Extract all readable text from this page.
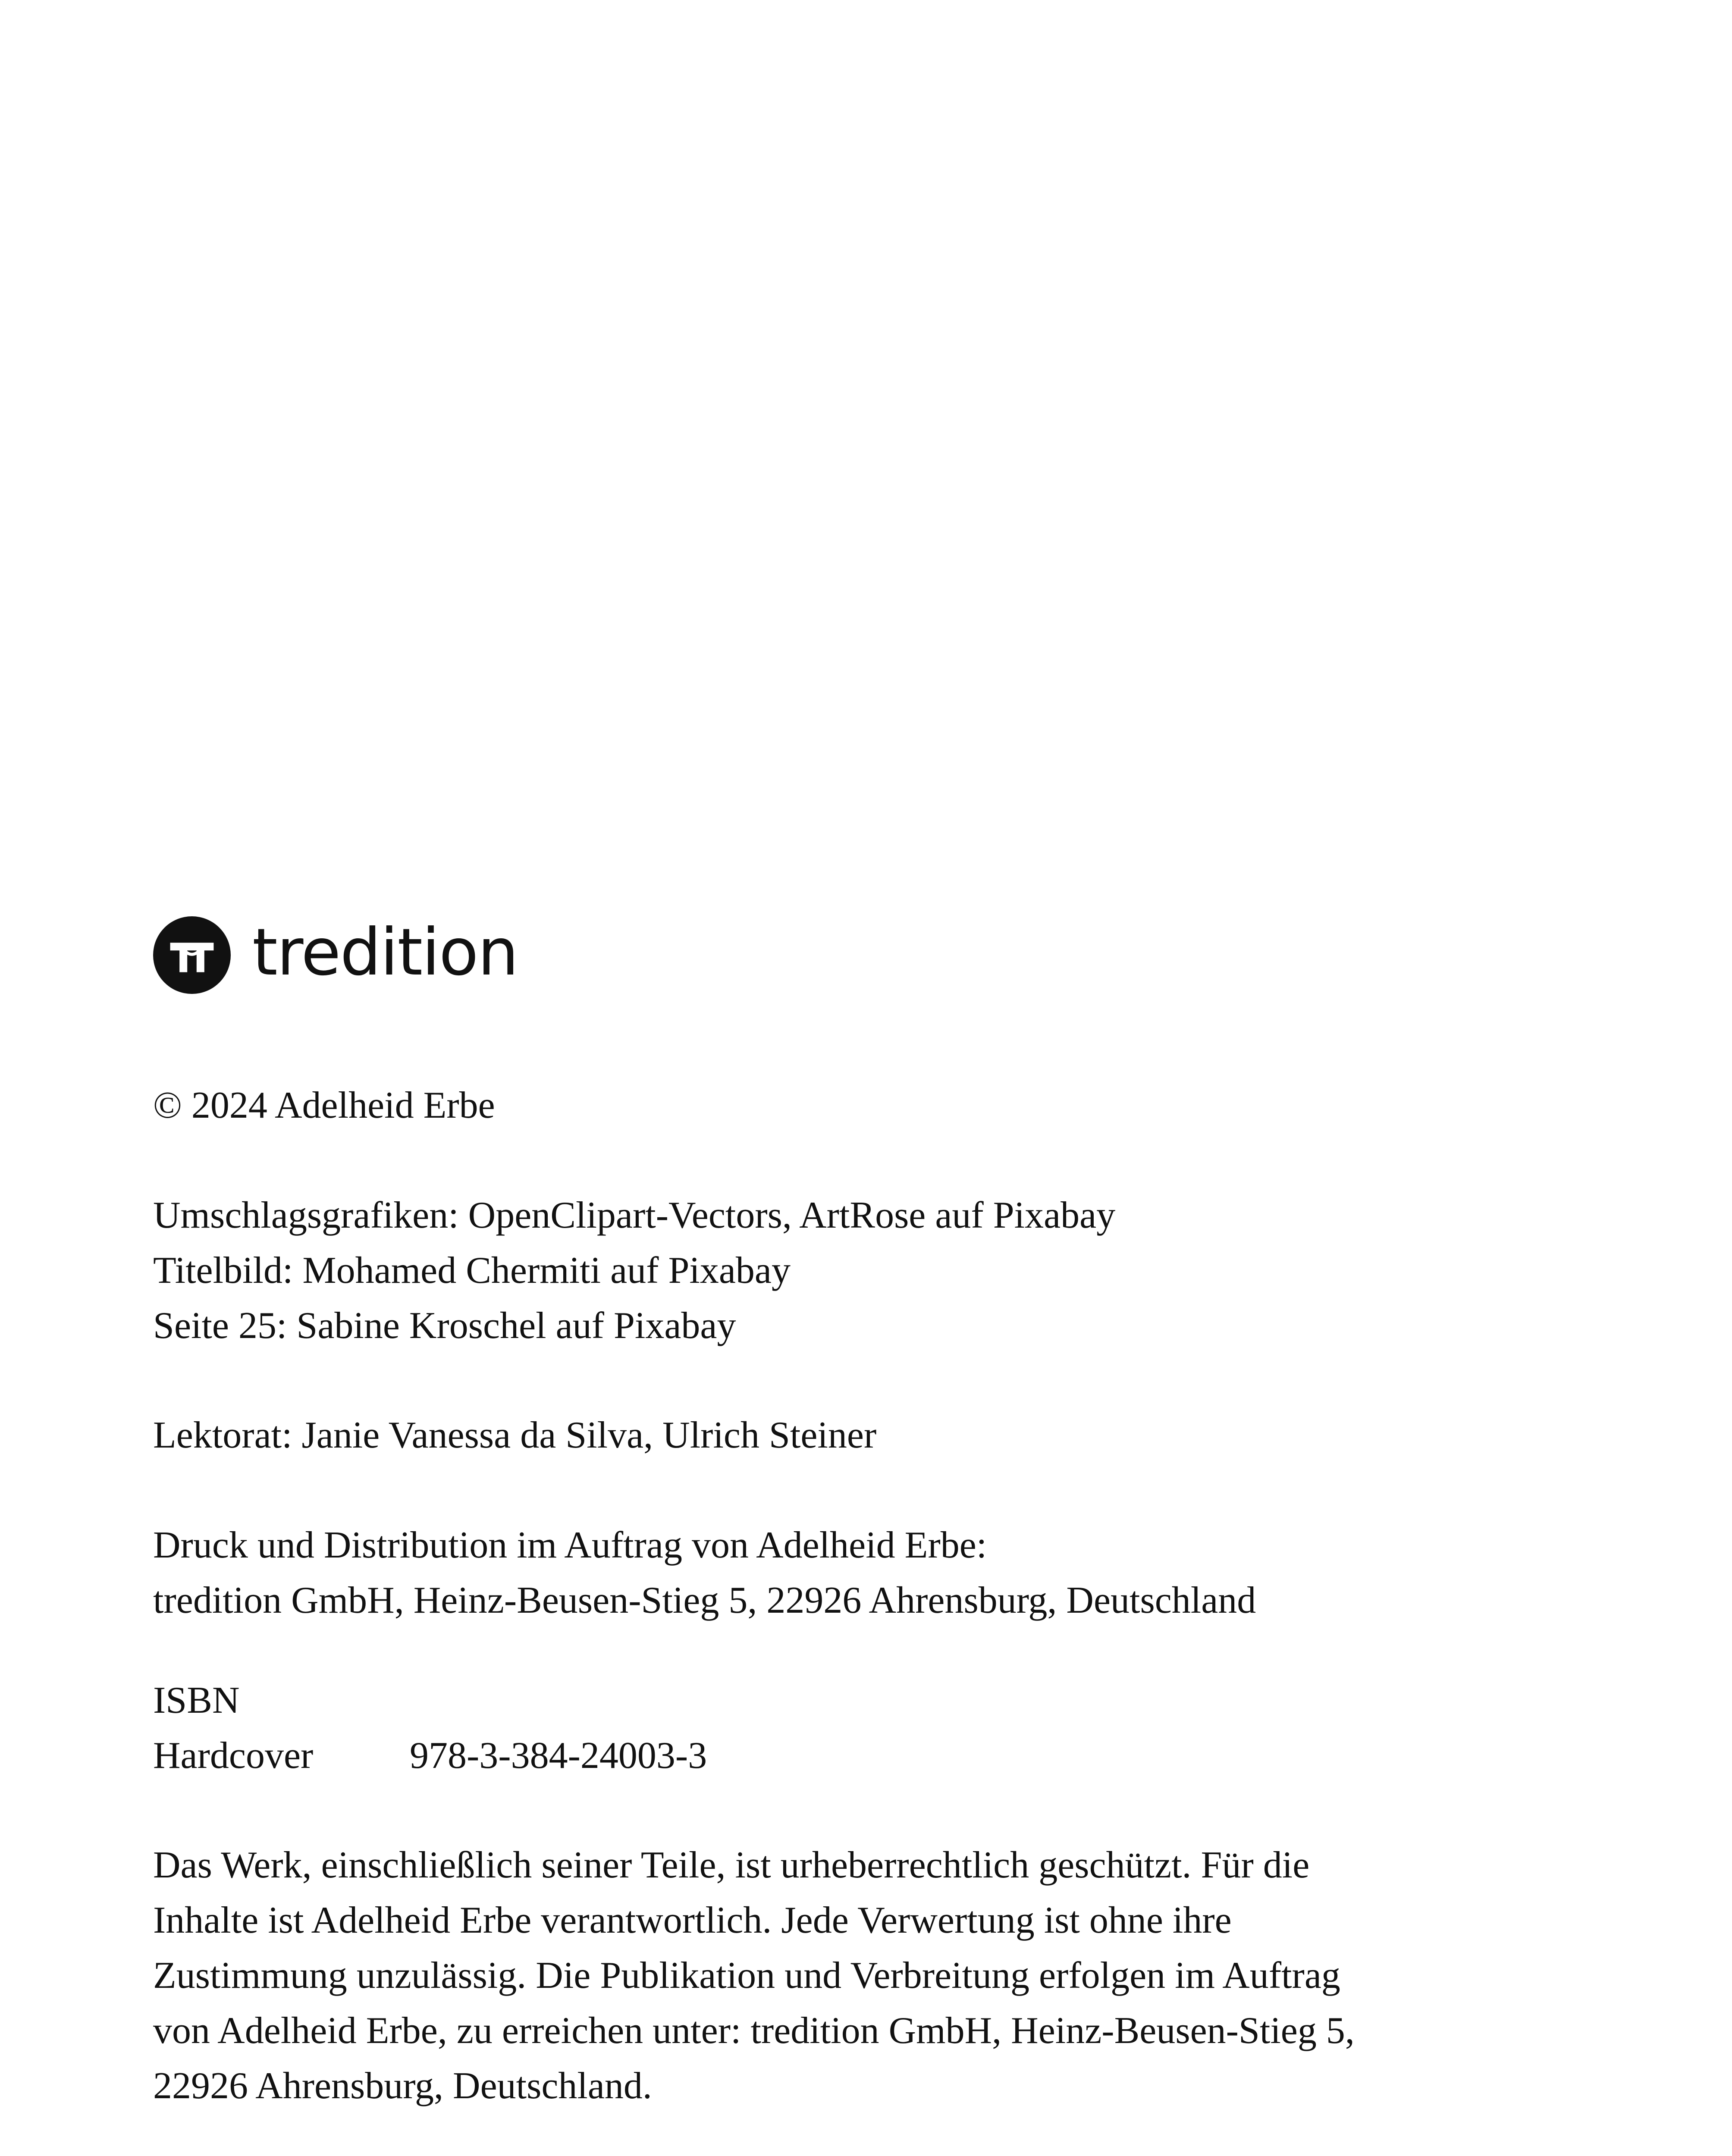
tredition
© 2024 Adelheid Erbe
Umschlagsgrafiken: OpenClipart-Vectors, ArtRose auf Pixabay
Titelbild: Mohamed Chermiti auf Pixabay
Seite 25: Sabine Kroschel auf Pixabay
Lektorat: Janie Vanessa da Silva, Ulrich Steiner
Druck und Distribution im Auftrag von Adelheid Erbe:
tredition GmbH, Heinz-Beusen-Stieg 5, 22926 Ahrensburg, Deutschland
ISBN
Hardcover	978-3-384-24003-3
Das Werk, einschließlich seiner Teile, ist urheberrechtlich geschützt. Für die
Inhalte ist Adelheid Erbe verantwortlich. Jede Verwertung ist ohne ihre
Zustimmung unzulässig. Die Publikation und Verbreitung erfolgen im Auftrag
von Adelheid Erbe, zu erreichen unter: tredition GmbH, Heinz-Beusen-Stieg 5,
22926 Ahrensburg, Deutschland.
